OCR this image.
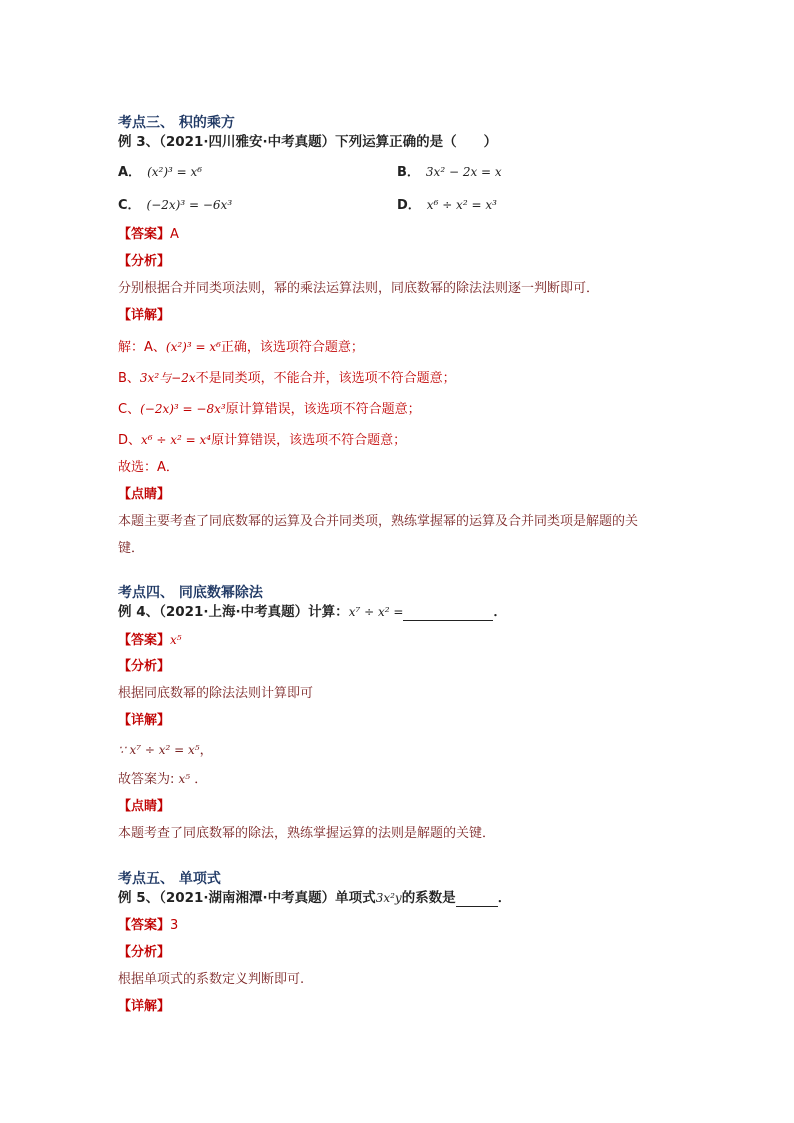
考点三、 积的乘方
例 3、（2021·四川雅安·中考真题）下列运算正确的是（　　）
A． (x²)³ = x⁶	B． 3x² − 2x = x
C． (−2x)³ = −6x³	D． x⁶ ÷ x² = x³
【答案】A
【分析】
分别根据合并同类项法则，幂的乘法运算法则，同底数幂的除法法则逐一判断即可．
【详解】
解：A、(x²)³ = x⁶正确，该选项符合题意；
B、3x²与−2x不是同类项，不能合并，该选项不符合题意；
C、(−2x)³ = −8x³原计算错误，该选项不符合题意；
D、x⁶ ÷ x² = x⁴原计算错误，该选项不符合题意；
故选：A．
【点睛】
本题主要考查了同底数幂的运算及合并同类项，熟练掌握幂的运算及合并同类项是解题的关
键．
考点四、 同底数幂除法
例 4、（2021·上海·中考真题）计算：x⁷ ÷ x² =	．
【答案】x⁵
【分析】
根据同底数幂的除法法则计算即可
【详解】
∵ x⁷ ÷ x² = x⁵，
故答案为: x⁵ ．
【点睛】
本题考查了同底数幂的除法，熟练掌握运算的法则是解题的关键．
考点五、 单项式
例 5、（2021·湖南湘潭·中考真题）单项式3x²y的系数是	．
【答案】3
【分析】
根据单项式的系数定义判断即可.
【详解】
